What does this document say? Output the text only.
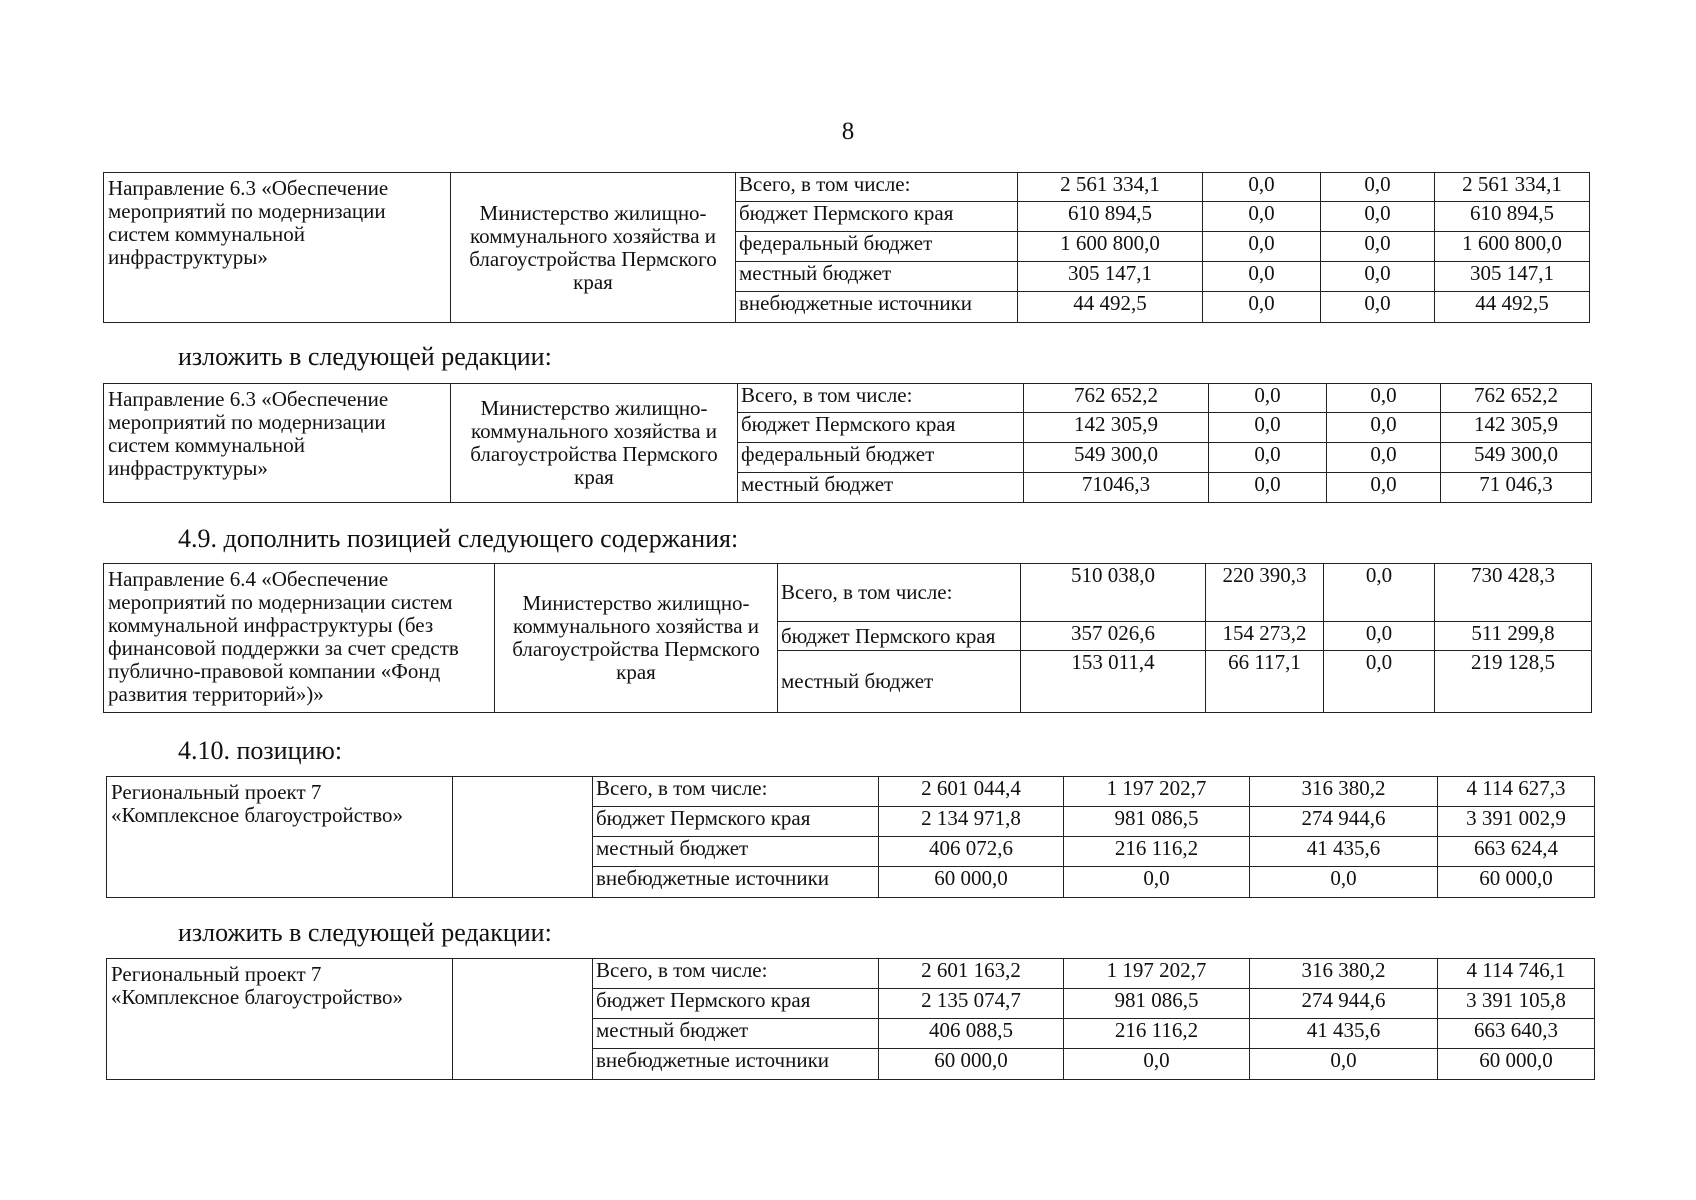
8
Направление 6.3 «Обеспечение мероприятий по модернизации систем коммунальной инфраструктуры»	Министерство жилищно-коммунального хозяйства и благоустройства Пермского края	Всего, в том числе:	2 561 334,1	0,0	0,0	2 561 334,1
		бюджет Пермского края	610 894,5	0,0	0,0	610 894,5
		федеральный бюджет	1 600 800,0	0,0	0,0	1 600 800,0
		местный бюджет	305 147,1	0,0	0,0	305 147,1
		внебюджетные источники	44 492,5	0,0	0,0	44 492,5
изложить в следующей редакции:
Направление 6.3 «Обеспечение мероприятий по модернизации систем коммунальной инфраструктуры»	Министерство жилищно-коммунального хозяйства и благоустройства Пермского края	Всего, в том числе:	762 652,2	0,0	0,0	762 652,2
		бюджет Пермского края	142 305,9	0,0	0,0	142 305,9
		федеральный бюджет	549 300,0	0,0	0,0	549 300,0
		местный бюджет	71046,3	0,0	0,0	71 046,3
4.9. дополнить позицией следующего содержания:
Направление 6.4 «Обеспечение мероприятий по модернизации систем коммунальной инфраструктуры (без финансовой поддержки за счет средств публично-правовой компании «Фонд развития территорий»)»	Министерство жилищно-коммунального хозяйства и благоустройства Пермского края	Всего, в том числе:	510 038,0	220 390,3	0,0	730 428,3
		бюджет Пермского края	357 026,6	154 273,2	0,0	511 299,8
		местный бюджет	153 011,4	66 117,1	0,0	219 128,5
4.10. позицию:
Региональный проект 7 «Комплексное благоустройство»		Всего, в том числе:	2 601 044,4	1 197 202,7	316 380,2	4 114 627,3
		бюджет Пермского края	2 134 971,8	981 086,5	274 944,6	3 391 002,9
		местный бюджет	406 072,6	216 116,2	41 435,6	663 624,4
		внебюджетные источники	60 000,0	0,0	0,0	60 000,0
изложить в следующей редакции:
Региональный проект 7 «Комплексное благоустройство»		Всего, в том числе:	2 601 163,2	1 197 202,7	316 380,2	4 114 746,1
		бюджет Пермского края	2 135 074,7	981 086,5	274 944,6	3 391 105,8
		местный бюджет	406 088,5	216 116,2	41 435,6	663 640,3
		внебюджетные источники	60 000,0	0,0	0,0	60 000,0
